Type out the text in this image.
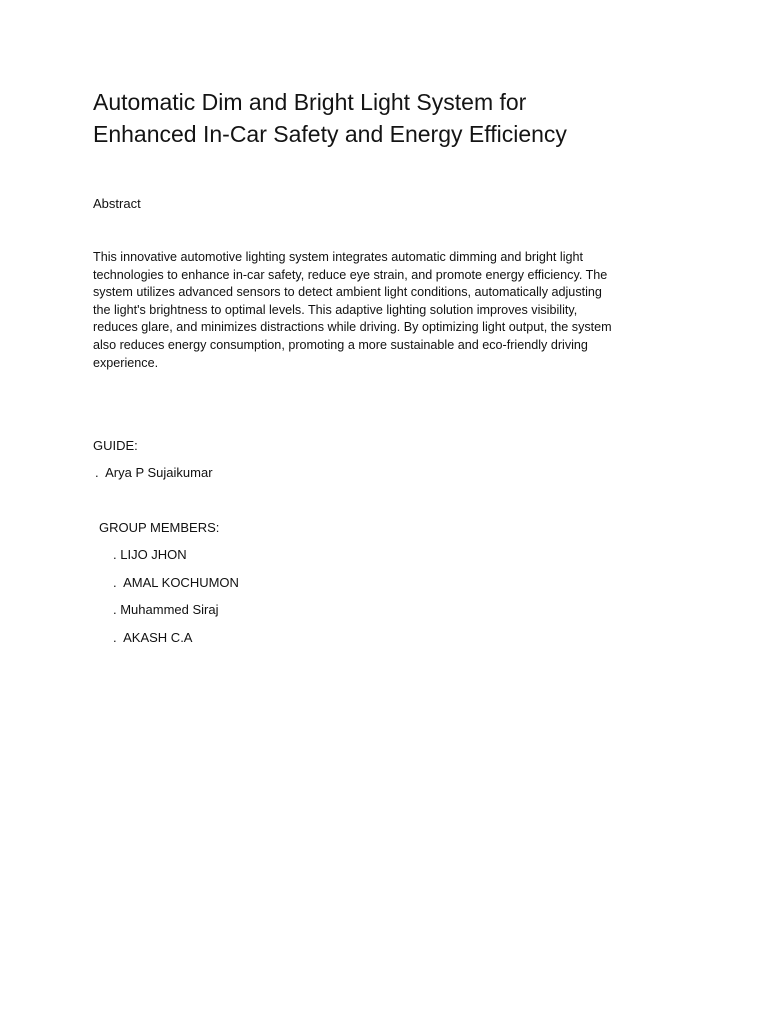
Automatic Dim and Bright Light System for
Enhanced In-Car Safety and Energy Efficiency

Abstract

This innovative automotive lighting system integrates automatic dimming and bright light
technologies to enhance in-car safety, reduce eye strain, and promote energy efficiency. The
system utilizes advanced sensors to detect ambient light conditions, automatically adjusting
the light's brightness to optimal levels. This adaptive lighting solution improves visibility,
reduces glare, and minimizes distractions while driving. By optimizing light output, the system
also reduces energy consumption, promoting a more sustainable and eco-friendly driving
experience.

GUIDE:

.  Arya P Sujaikumar

GROUP MEMBERS:

. LIJO JHON

.  AMAL KOCHUMON

. Muhammed Siraj

.  AKASH C.A
